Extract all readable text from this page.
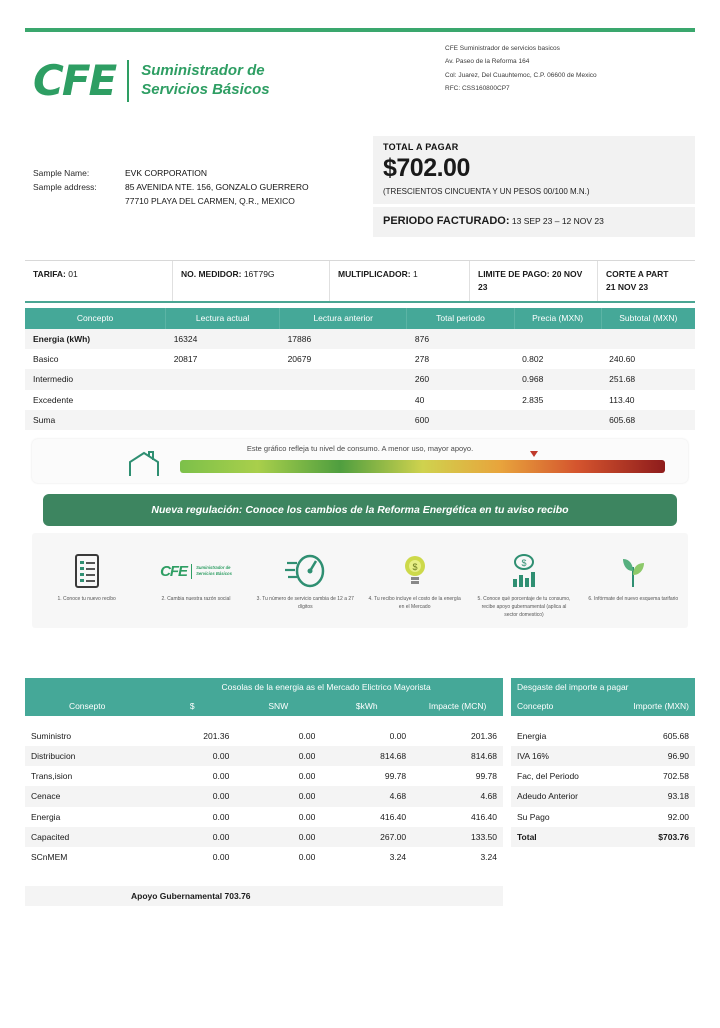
CFE Suministrador de
Servicios Básicos
CFE Suministrador de servicios basicos
Av. Paseo de la Reforma 164
Col: Juarez, Del Cuauhtemoc, C.P. 06600 de Mexico
RFC: CSS160800CP7
Sample Name:	EVK CORPORATION
Sample address:	85 AVENIDA NTE. 156, GONZALO GUERRERO
77710 PLAYA DEL CARMEN, Q.R., MEXICO
TOTAL A PAGAR
$702.00
(TRESCIENTOS CINCUENTA Y UN PESOS 00/100 M.N.)
PERIODO FACTURADO: 13 SEP 23 – 12 NOV 23
TARIFA: 01	NO. MEDIDOR: 16T79G	MULTIPLICADOR: 1	LIMITE DE PAGO: 20 NOV 23
CORTE A PART
21 NOV 23
Concepto	Lectura actual	Lectura anterior	Total periodo	Precia (MXN)	Subtotal (MXN)
Energia (kWh)	16324	17886	876		
Basico	20817	20679	278	0.802	240.60
Intermedio			260	0.968	251.68
Excedente			40	2.835	113.40
Suma			600		605.68
Este gráfico refleja tu nivel de consumo. A menor uso, mayor apoyo.
Nueva regulación: Conoce los cambios de la Reforma Energética en tu aviso recibo
1. Conoce tu nuevo recibo
CFE Suministrador de
Servicios Básicos
2. Cambia nuestra razón social	3. Tu número de servicio cambia de 12 a 27 dígitos
$
4. Tu recibo incluye el costo de la energía en el Mercado
$
5. Conoce qué porcentaje de tu consumo, recibe apoyo gubernamental (aplica al sector domestico)
6. Infórmate del nuevo esquema tarifario
	Cosolas de la energia as el Mercado Elictrico Mayorista			
Consepto	$	SNW	$kWh	Impacte (MCN)

Suministro	201.36	0.00	0.00	201.36
Distribucion	0.00	0.00	814.68	814.68
Trans,ision	0.00	0.00	99.78	99.78
Cenace	0.00	0.00	4.68	4.68
Energia	0.00	0.00	416.40	416.40
Capacited	0.00	0.00	267.00	133.50
SCnMEM	0.00	0.00	3.24	3.24
Apoyo Gubernamental 703.76
Desgaste del importe a pagar	
Concepto	Importe (MXN)

Energia	605.68
IVA 16%	96.90
Fac, del Periodo	702.58
Adeudo Anterior	93.18
Su Pago	92.00
Total	$703.76
